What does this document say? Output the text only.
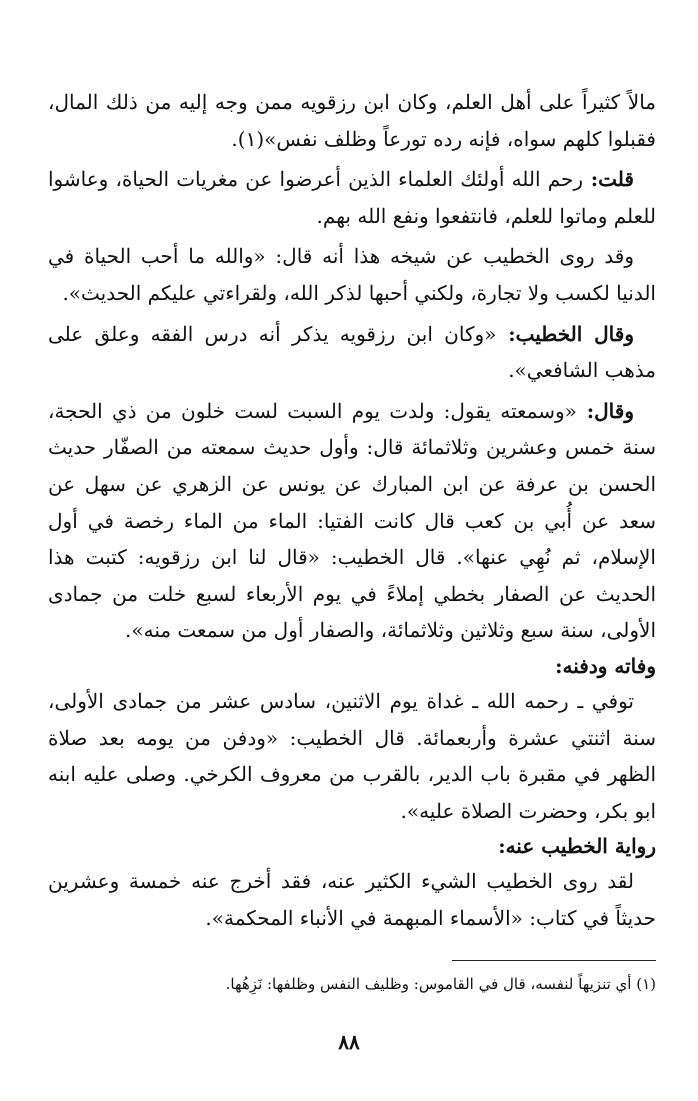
مالاً كثيراً على أهل العلم، وكان ابن رزقويه ممن وجه إليه من ذلك المال، فقبلوا كلهم سواه، فإنه رده تورعاً وظلف نفس»(١).

قلت: رحم الله أولئك العلماء الذين أعرضوا عن مغريات الحياة، وعاشوا للعلم وماتوا للعلم، فانتفعوا ونفع الله بهم.

وقد روى الخطيب عن شيخه هذا أنه قال: «والله ما أحب الحياة في الدنيا لكسب ولا تجارة، ولكني أحبها لذكر الله، ولقراءتي عليكم الحديث».

وقال الخطيب: «وكان ابن رزقويه يذكر أنه درس الفقه وعلق على مذهب الشافعي».

وقال: «وسمعته يقول: ولدت يوم السبت لست خلون من ذي الحجة، سنة خمس وعشرين وثلاثمائة قال: وأول حديث سمعته من الصفّار حديث الحسن بن عرفة عن ابن المبارك عن يونس عن الزهري عن سهل عن سعد عن أُبي بن كعب قال كانت الفتيا: الماء من الماء رخصة في أول الإسلام، ثم نُهِي عنها». قال الخطيب: «قال لنا ابن رزقويه: كتبت هذا الحديث عن الصفار بخطي إملاءً في يوم الأربعاء لسبع خلت من جمادى الأولى، سنة سبع وثلاثين وثلاثمائة، والصفار أول من سمعت منه».

وفاته ودفنه:

توفي ـ رحمه الله ـ غداة يوم الاثنين، سادس عشر من جمادى الأولى، سنة اثنتي عشرة وأربعمائة. قال الخطيب: «ودفن من يومه بعد صلاة الظهر في مقبرة باب الدير، بالقرب من معروف الكرخي. وصلى عليه ابنه ابو بكر، وحضرت الصلاة عليه».

رواية الخطيب عنه:

لقد روى الخطيب الشيء الكثير عنه، فقد أخرج عنه خمسة وعشرين حديثاً في كتاب: «الأسماء المبهمة في الأنباء المحكمة».

(١) أي تنزيهاً لنفسه، قال في القاموس: وظليف النفس وظلفها: نَزِهُها.
٨٨
